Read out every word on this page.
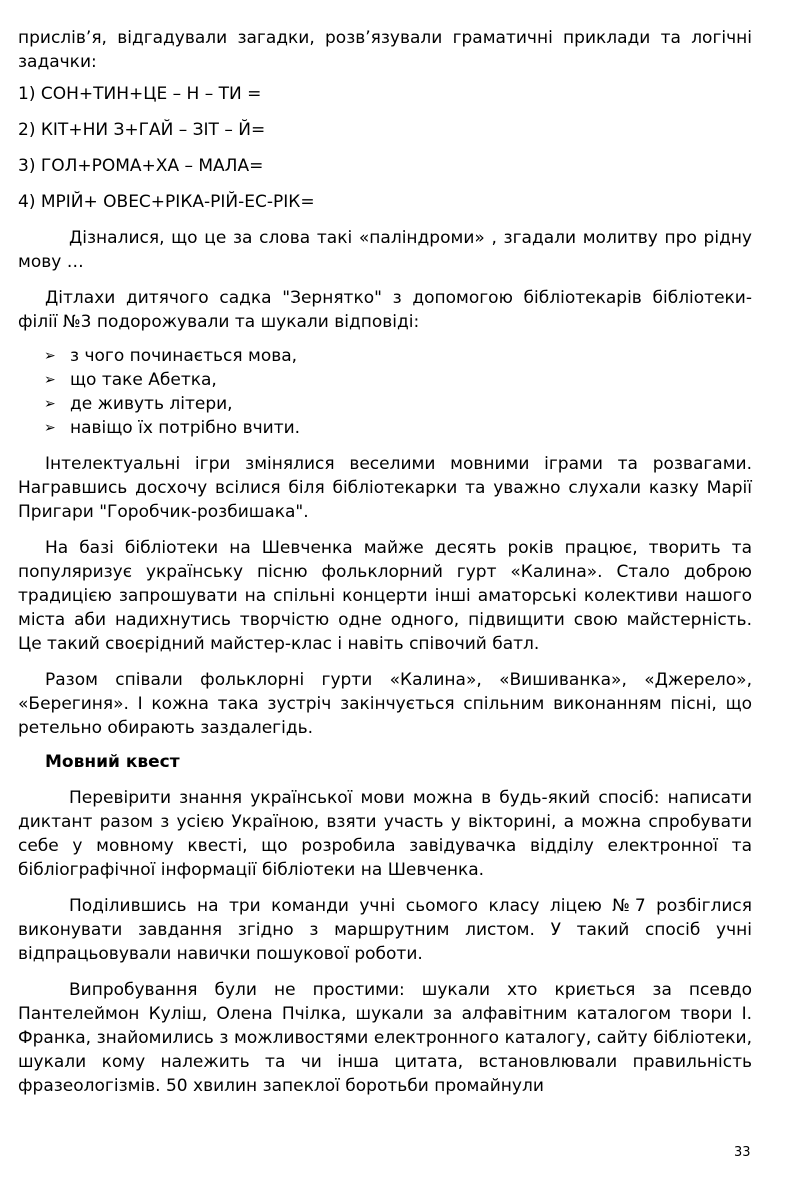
прислів’я, відгадували загадки, розв’язували граматичні приклади та логічні задачки:

1) СОН+ТИН+ЦЕ – Н – ТИ =

2) КІТ+НИ З+ГАЙ – ЗІТ – Й=

3) ГОЛ+РОМА+ХА – МАЛА=

4) МРІЙ+ ОВЕС+РІКА-РІЙ-ЕС-РІК=

Дізналися, що це за слова такі «паліндроми» , згадали молитву про рідну мову …

Дітлахи дитячого садка "Зернятко" з допомогою бібліотекарів бібліотеки-філії №3 подорожували та шукали відповіді:

➢ з чого починається мова,
➢ що таке Абетка,
➢ де живуть літери,
➢ навіщо їх потрібно вчити.

Інтелектуальні ігри змінялися веселими мовними іграми та розвагами. Награвшись досхочу всілися біля бібліотекарки та уважно слухали казку Марії Пригари "Горобчик-розбишака".

На базі бібліотеки на Шевченка майже десять років працює, творить та популяризує українську пісню фольклорний гурт «Калина». Стало доброю традицією запрошувати на спільні концерти інші аматорські колективи нашого міста аби надихнутись творчістю одне одного, підвищити свою майстерність. Це такий своєрідний майстер-клас і навіть співочий батл.

Разом співали фольклорні гурти «Калина», «Вишиванка», «Джерело», «Берегиня». І кожна така зустріч закінчується спільним виконанням пісні, що ретельно обирають заздалегідь.

Мовний квест

Перевірити знання української мови можна в будь-який спосіб: написати диктант разом з усією Україною, взяти участь у вікторині, а можна спробувати себе у мовному квесті, що розробила завідувачка відділу електронної та бібліографічної інформації бібліотеки на Шевченка.

Поділившись на три команди учні сьомого класу ліцею №7 розбіглися виконувати завдання згідно з маршрутним листом. У такий спосіб учні відпрацьовували навички пошукової роботи.

Випробування були не простими: шукали хто криється за псевдо Пантелеймон Куліш, Олена Пчілка, шукали за алфавітним каталогом твори І. Франка, знайомились з можливостями електронного каталогу, сайту бібліотеки, шукали кому належить та чи інша цитата, встановлювали правильність фразеологізмів. 50 хвилин запеклої боротьби промайнули

33
